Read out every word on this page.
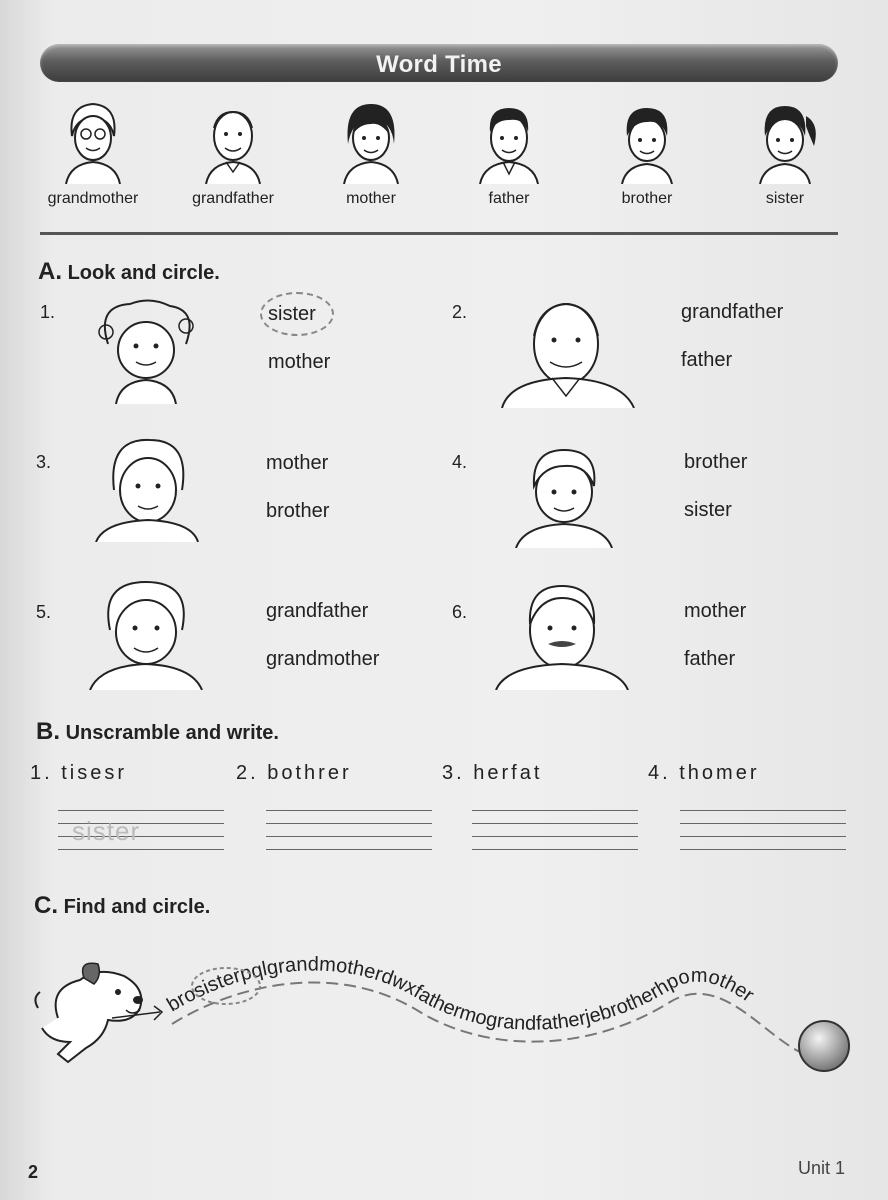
Word Time
grandmother	grandfather	mother	father	brother	sister
A. Look and circle.
1.	sister
mother
2.	grandfather
father
3.	mother
brother
4.	brother
sister
5.	grandfather
grandmother
6.	mother
father
B. Unscramble and write.
1. tisesr	2. bothrer	3. herfat	4. thomer
sister
C. Find and circle.
brosisterpqlgrandmotherdwxfathermograndfatherjebrotherhpomother
2	Unit 1
